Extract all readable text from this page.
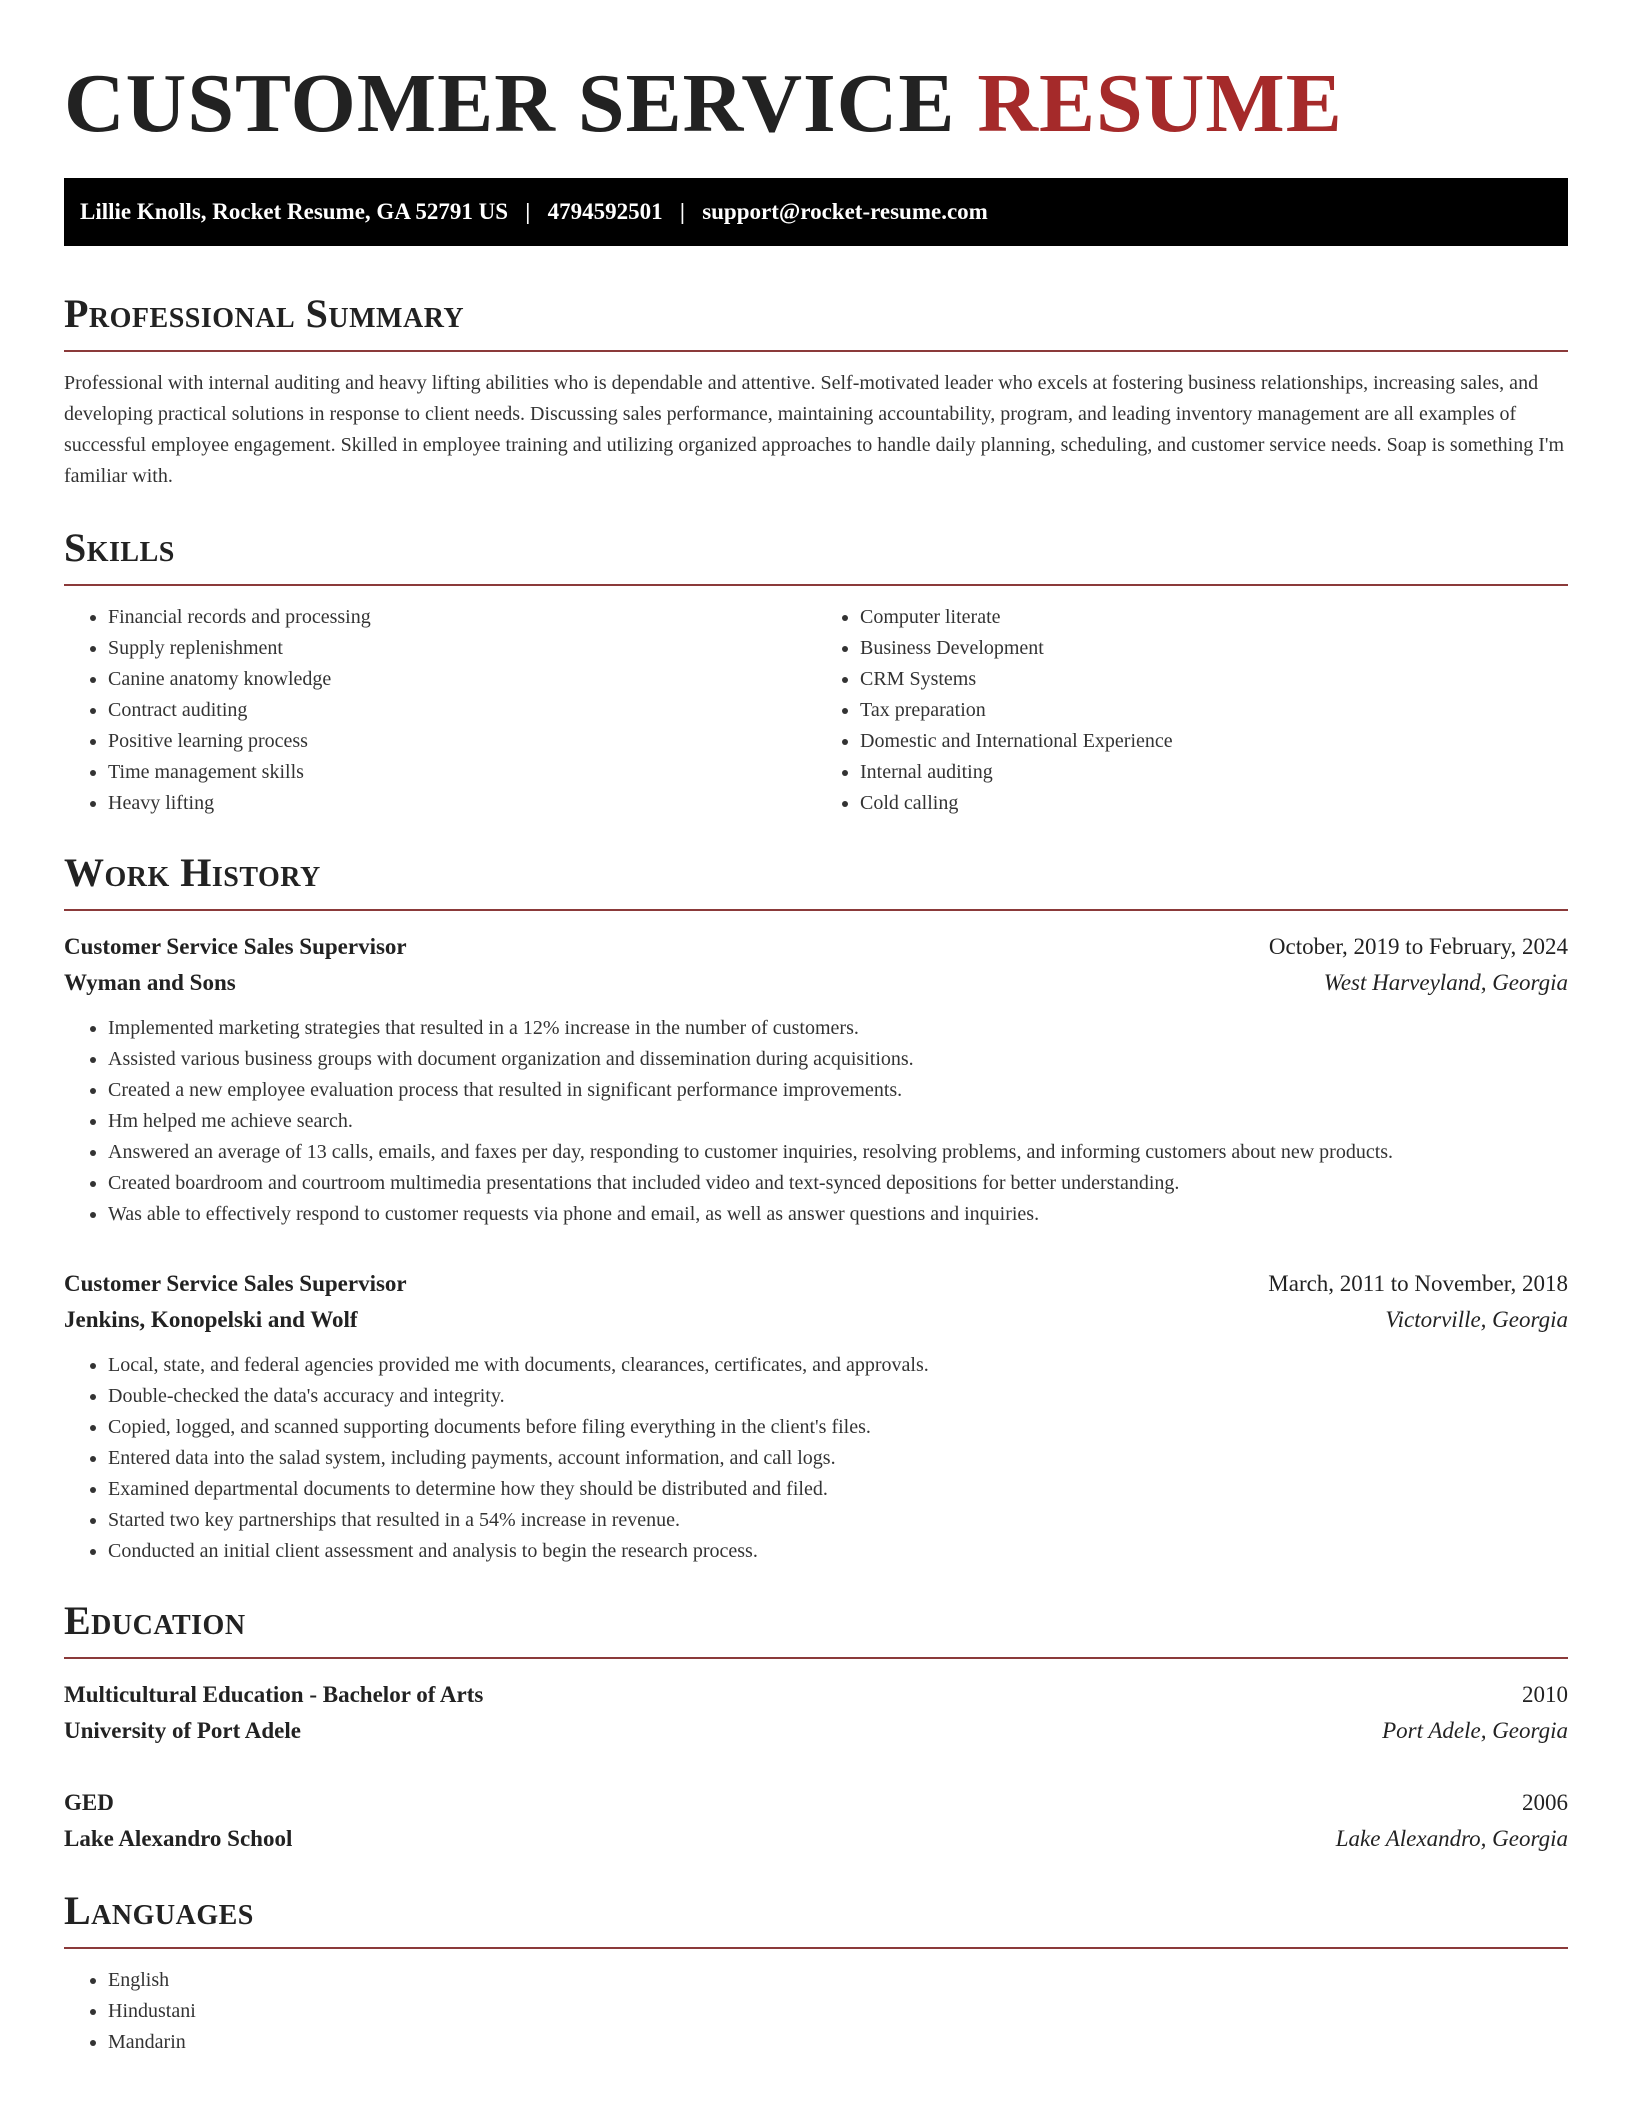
CUSTOMER SERVICE RESUME
Lillie Knolls, Rocket Resume, GA 52791 US   |   4794592501   |   support@rocket-resume.com
Professional Summary

Professional with internal auditing and heavy lifting abilities who is dependable and attentive. Self-motivated leader who excels at fostering business relationships, increasing sales, and developing practical solutions in response to client needs. Discussing sales performance, maintaining accountability, program, and leading inventory management are all examples of successful employee engagement. Skilled in employee training and utilizing organized approaches to handle daily planning, scheduling, and customer service needs. Soap is something I'm familiar with.

Skills
• Financial records and processing
• Supply replenishment
• Canine anatomy knowledge
• Contract auditing
• Positive learning process
• Time management skills
• Heavy lifting
• Computer literate
• Business Development
• CRM Systems
• Tax preparation
• Domestic and International Experience
• Internal auditing
• Cold calling
Work History
Customer Service Sales Supervisor	October, 2019 to February, 2024
Wyman and Sons	West Harveyland, Georgia
• Implemented marketing strategies that resulted in a 12% increase in the number of customers.
• Assisted various business groups with document organization and dissemination during acquisitions.
• Created a new employee evaluation process that resulted in significant performance improvements.
• Hm helped me achieve search.
• Answered an average of 13 calls, emails, and faxes per day, responding to customer inquiries, resolving problems, and informing customers about new products.
• Created boardroom and courtroom multimedia presentations that included video and text-synced depositions for better understanding.
• Was able to effectively respond to customer requests via phone and email, as well as answer questions and inquiries.
Customer Service Sales Supervisor	March, 2011 to November, 2018
Jenkins, Konopelski and Wolf	Victorville, Georgia
• Local, state, and federal agencies provided me with documents, clearances, certificates, and approvals.
• Double-checked the data's accuracy and integrity.
• Copied, logged, and scanned supporting documents before filing everything in the client's files.
• Entered data into the salad system, including payments, account information, and call logs.
• Examined departmental documents to determine how they should be distributed and filed.
• Started two key partnerships that resulted in a 54% increase in revenue.
• Conducted an initial client assessment and analysis to begin the research process.
Education
Multicultural Education - Bachelor of Arts	2010
University of Port Adele	Port Adele, Georgia
GED	2006
Lake Alexandro School	Lake Alexandro, Georgia
Languages
• English
• Hindustani
• Mandarin
